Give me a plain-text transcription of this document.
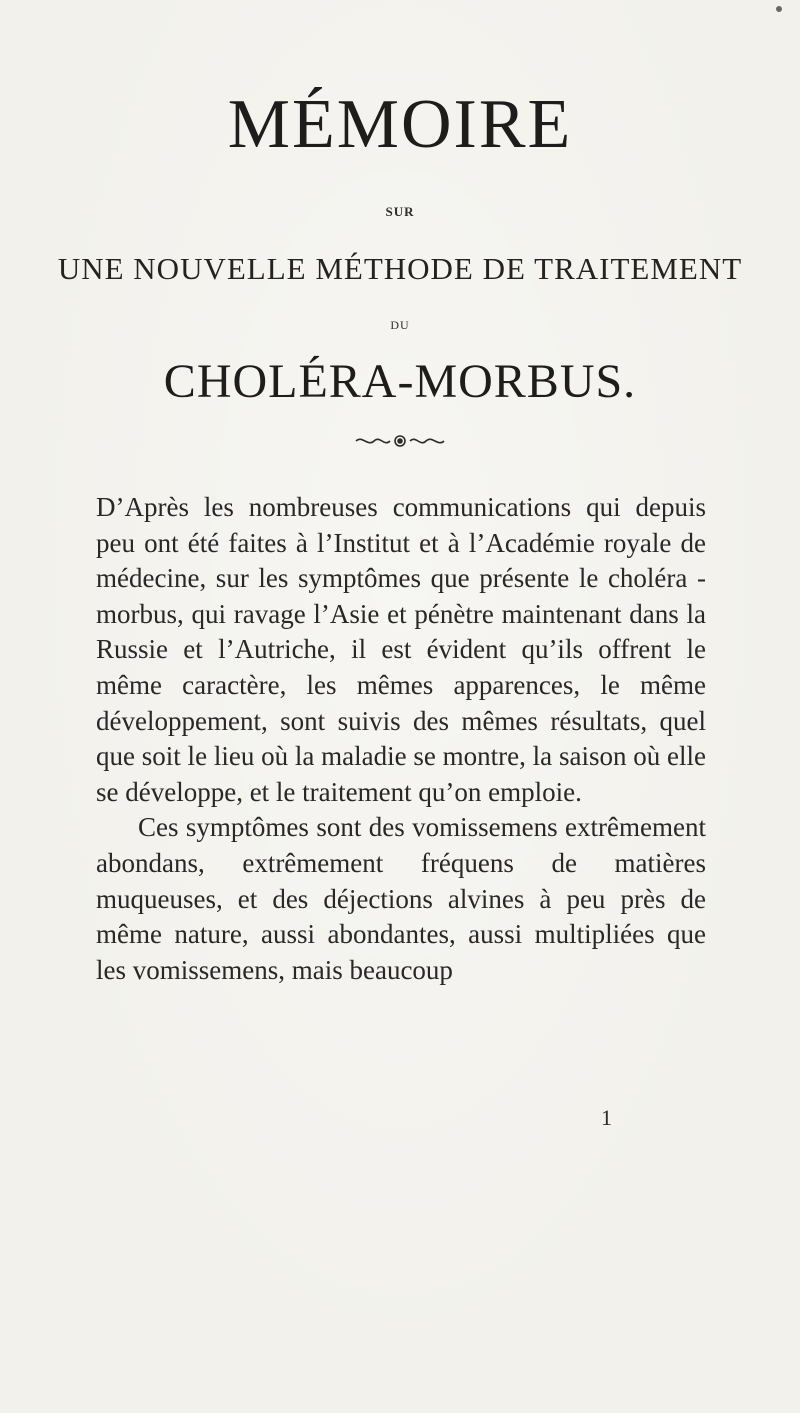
MÉMOIRE
SUR
UNE NOUVELLE MÉTHODE DE TRAITEMENT
DU
CHOLÉRA-MORBUS.

D’Après les nombreuses communications qui depuis peu ont été faites à l’Institut et à l’Académie royale de médecine, sur les symptômes que présente le choléra - morbus, qui ravage l’Asie et pénètre maintenant dans la Russie et l’Autriche, il est évident qu’ils offrent le même caractère, les mêmes apparences, le même développement, sont suivis des mêmes résultats, quel que soit le lieu où la maladie se montre, la saison où elle se développe, et le traitement qu’on emploie.

Ces symptômes sont des vomissemens extrêmement abondans, extrêmement fréquens de matières muqueuses, et des déjections alvines à peu près de même nature, aussi abondantes, aussi multipliées que les vomissemens, mais beaucoup

1
